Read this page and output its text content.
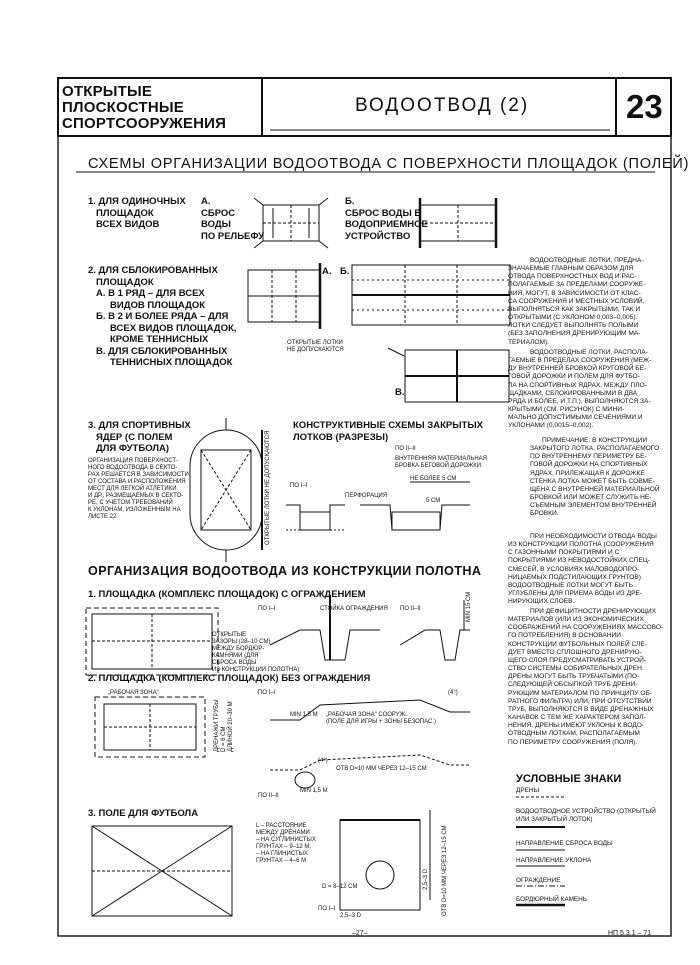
ОТКРЫТЫЕ
ПЛОСКОСТНЫЕ
СПОРТСООРУЖЕНИЯ
ВОДООТВОД (2)	23
СХЕМЫ ОРГАНИЗАЦИИ ВОДООТВОДА С ПОВЕРХНОСТИ ПЛОЩАДОК (ПОЛЕЙ)
1. ДЛЯ ОДИНОЧНЫХ
ПЛОЩАДОК
ВСЕХ ВИДОВ
А.
СБРОС
ВОДЫ
ПО РЕЛЬЕФУ
Б.
СБРОС ВОДЫ В
ВОДОПРИЕМНОЕ
УСТРОЙСТВО
2. ДЛЯ СБЛОКИРОВАННЫХ
ПЛОЩАДОК
А. В 1 РЯД – ДЛЯ ВСЕХ
ВИДОВ ПЛОЩАДОК
Б. В 2 И БОЛЕЕ РЯДА – ДЛЯ
ВСЕХ ВИДОВ ПЛОЩАДОК,
КРОМЕ ТЕННИСНЫХ
В. ДЛЯ СБЛОКИРОВАННЫХ
ТЕННИСНЫХ ПЛОЩАДОК
А. Б.
В.
ОТКРЫТЫЕ ЛОТКИ
НЕ ДОПУСКАЮТСЯ
3. ДЛЯ СПОРТИВНЫХ
ЯДЕР (С ПОЛЕМ
ДЛЯ ФУТБОЛА)
ОРГАНИЗАЦИЯ ПОВЕРХНОСТ-
НОГО ВОДООТВОДА В СЕКТО-
РАХ РЕШАЕТСЯ В ЗАВИСИМОСТИ
ОТ СОСТАВА И РАСПОЛОЖЕНИЯ
МЕСТ ДЛЯ ЛЕГКОЙ АТЛЕТИКИ
И ДР., РАЗМЕЩАЕМЫХ В СЕКТО-
РЕ, С УЧЕТОМ ТРЕБОВАНИЙ
К УКЛОНАМ, ИЗЛОЖЕННЫМ НА
ЛИСТЕ 22	ОТКРЫТЫЕ ЛОТКИ НЕ ДОПУСКАЮТСЯ
КОНСТРУКТИВНЫЕ СХЕМЫ ЗАКРЫТЫХ
ЛОТКОВ (РАЗРЕЗЫ)
ПО I–I
ПО II–II
ВНУТРЕННЯЯ МАТЕРИАЛЬНАЯ
БРОВКА БЕГОВОЙ ДОРОЖКИ
НЕ БОЛЕЕ 5 СМ
ПЕРФОРАЦИЯ
5 СМ
ВОДООТВОДНЫЕ ЛОТКИ, ПРЕДНА-
ЗНАЧАЕМЫЕ ГЛАВНЫМ ОБРАЗОМ ДЛЯ
ОТВОДА ПОВЕРХНОСТНЫХ ВОД И РАС-
ПОЛАГАЕМЫЕ ЗА ПРЕДЕЛАМИ СООРУЖЕ-
НИЯ, МОГУТ, В ЗАВИСИМОСТИ ОТ КЛАС-
СА СООРУЖЕНИЯ И МЕСТНЫХ УСЛОВИЙ,
ВЫПОЛНЯТЬСЯ КАК ЗАКРЫТЫМИ, ТАК И
ОТКРЫТЫМИ (С УКЛОНОМ 0,003–0,005).
ЛОТКИ СЛЕДУЕТ ВЫПОЛНЯТЬ ПОЛЫМИ
(БЕЗ ЗАПОЛНЕНИЯ ДРЕНИРУЮЩИМ МА-
ТЕРИАЛОМ).
ВОДООТВОДНЫЕ ЛОТКИ, РАСПОЛА-
ГАЕМЫЕ В ПРЕДЕЛАХ СООРУЖЕНИЯ (МЕЖ-
ДУ ВНУТРЕННЕЙ БРОВКОЙ КРУГОВОЙ БЕ-
ГОВОЙ ДОРОЖКИ И ПОЛЕМ ДЛЯ ФУТБО-
ЛА НА СПОРТИВНЫХ ЯДРАХ, МЕЖДУ ПЛО-
ЩАДКАМИ, СБЛОКИРОВАННЫМИ В ДВА
РЯДА И БОЛЕЕ, И Т.П.), ВЫПОЛНЯЮТСЯ ЗА-
КРЫТЫМИ (СМ. РИСУНОК) С МИНИ-
МАЛЬНО ДОПУСТИМЫМИ СЕЧЕНИЯМИ И
УКЛОНАМИ (0,0015–0,002).
ПРИМЕЧАНИЕ: В КОНСТРУКЦИИ
ЗАКРЫТОГО ЛОТКА, РАСПОЛАГАЕМОГО
ПО ВНУТРЕННЕМУ ПЕРИМЕТРУ БЕ-
ГОВОЙ ДОРОЖКИ НА СПОРТИВНЫХ
ЯДРАХ, ПРИЛЕЖАЩАЯ К ДОРОЖКЕ
СТЕНКА ЛОТКА МОЖЕТ БЫТЬ СОВМЕ-
ЩЕНА С ВНУТРЕННЕЙ МАТЕРИАЛЬНОЙ
БРОВКОЙ ИЛИ МОЖЕТ СЛУЖИТЬ НЕ-
СЪЕМНЫМ ЭЛЕМЕНТОМ ВНУТРЕННЕЙ
БРОВКИ.
ПРИ НЕОБХОДИМОСТИ ОТВОДА ВОДЫ
ИЗ КОНСТРУКЦИИ ПОЛОТНА (СООРУЖЕНИЯ
С ГАЗОННЫМИ ПОКРЫТИЯМИ И С
ПОКРЫТИЯМИ ИЗ НЕВОДОСТОЙКИХ СПЕЦ-
СМЕСЕЙ, В УСЛОВИЯХ МАЛОВОДОПРО-
НИЦАЕМЫХ ПОДСТИЛАЮЩИХ ГРУНТОВ)
ВОДООТВОДНЫЕ ЛОТКИ МОГУТ БЫТЬ
УГЛУБЛЕНЫ ДЛЯ ПРИЕМА ВОДЫ ИЗ ДРЕ-
НИРУЮЩИХ СЛОЕВ.
ПРИ ДЕФИЦИТНОСТИ ДРЕНИРУЮЩИХ
МАТЕРИАЛОВ (ИЛИ ИЗ ЭКОНОМИЧЕСКИХ
СООБРАЖЕНИЙ НА СООРУЖЕНИЯХ МАССОВО-
ГО ПОТРЕБЛЕНИЯ) В ОСНОВАНИИ
КОНСТРУКЦИИ ФУТБОЛЬНЫХ ПОЛЕЙ СЛЕ-
ДУЕТ ВМЕСТО СПЛОШНОГО ДРЕНИРУЮ-
ЩЕГО СЛОЯ ПРЕДУСМАТРИВАТЬ УСТРОЙ-
СТВО СИСТЕМЫ СОБИРАТЕЛЬНЫХ ДРЕН.
ДРЕНЫ МОГУТ БЫТЬ ТРУБЧАТЫМИ (ПО-
СЛЕДУЮЩЕЙ ОБСЫПКОЙ ТРУБ ДРЕНИ-
РУЮЩИМ МАТЕРИАЛОМ ПО ПРИНЦИПУ ОБ-
РАТНОГО ФИЛЬТРА) ИЛИ, ПРИ ОТСУТСТВИИ
ТРУБ, ВЫПОЛНЯЮТСЯ В ВИДЕ ДРЕНАЖНЫХ
КАНАВОК С ТЕМ ЖЕ ХАРАКТЕРОМ ЗАПОЛ-
НЕНИЯ. ДРЕНЫ ИМЕЮТ УКЛОНЫ К ВОДО-
ОТВОДНЫМ ЛОТКАМ, РАСПОЛАГАЕМЫМ
ПО ПЕРИМЕТРУ СООРУЖЕНИЯ (ПОЛЯ).
ОРГАНИЗАЦИЯ ВОДООТВОДА ИЗ КОНСТРУКЦИИ ПОЛОТНА
1. ПЛОЩАДКА (КОМПЛЕКС ПЛОЩАДОК) С ОГРАЖДЕНИЕМ
ОТКРЫТЫЕ
ЗАЗОРЫ (28–10 СМ)
МЕЖДУ БОРДЮР-
КАМНЯМИ (ДЛЯ
СБРОСА ВОДЫ
ИЗ КОНСТРУКЦИИ ПОЛОТНА)
ПО I–I	ПО II–II
СТОЙКА ОГРАЖДЕНИЯ	MIN 15 СМ
2. ПЛОЩАДКА (КОМПЛЕКС ПЛОЩАДОК) БЕЗ ОГРАЖДЕНИЯ
„РАБОЧАЯ ЗОНА"
ДРЕНАЖИ ТРУБЫ D = 6 СМ ДЛИНОЙ 20–30 М
ПО I–I
ПО II–II
MIN 1,5 М „РАБОЧАЯ ЗОНА" СООРУЖ.
(ПОЛЕ ДЛЯ ИГРЫ + ЗОНЫ БЕЗОПАС.)
ОТВ D=10 ММ ЧЕРЕЗ 12–15 СМ
MIN 1,5 М
(4°)
(4°)
3. ПОЛЕ ДЛЯ ФУТБОЛА
L – РАССТОЯНИЕ
МЕЖДУ ДРЕНАМИ
– НА СУГЛИНИСТЫХ
ГРУНТАХ – 9–12 М,
– НА ГЛИНИСТЫХ
ГРУНТАХ – 4–6 М
ПО I–I
D = 8–12 СМ
2,5–3 D
2,5–3 D ОТВ D=10 ММ ЧЕРЕЗ 12–15 СМ
УСЛОВНЫЕ ЗНАКИ
ДРЕНЫ
ВОДООТВОДНОЕ УСТРОЙСТВО (ОТКРЫТЫЙ ИЛИ ЗАКРЫТЫЙ ЛОТОК)
НАПРАВЛЕНИЕ СБРОСА ВОДЫ
НАПРАВЛЕНИЕ УКЛОНА
ОГРАЖДЕНИЕ
БОРДЮРНЫЙ КАМЕНЬ
–27–	НП 5.3.1 – 71
